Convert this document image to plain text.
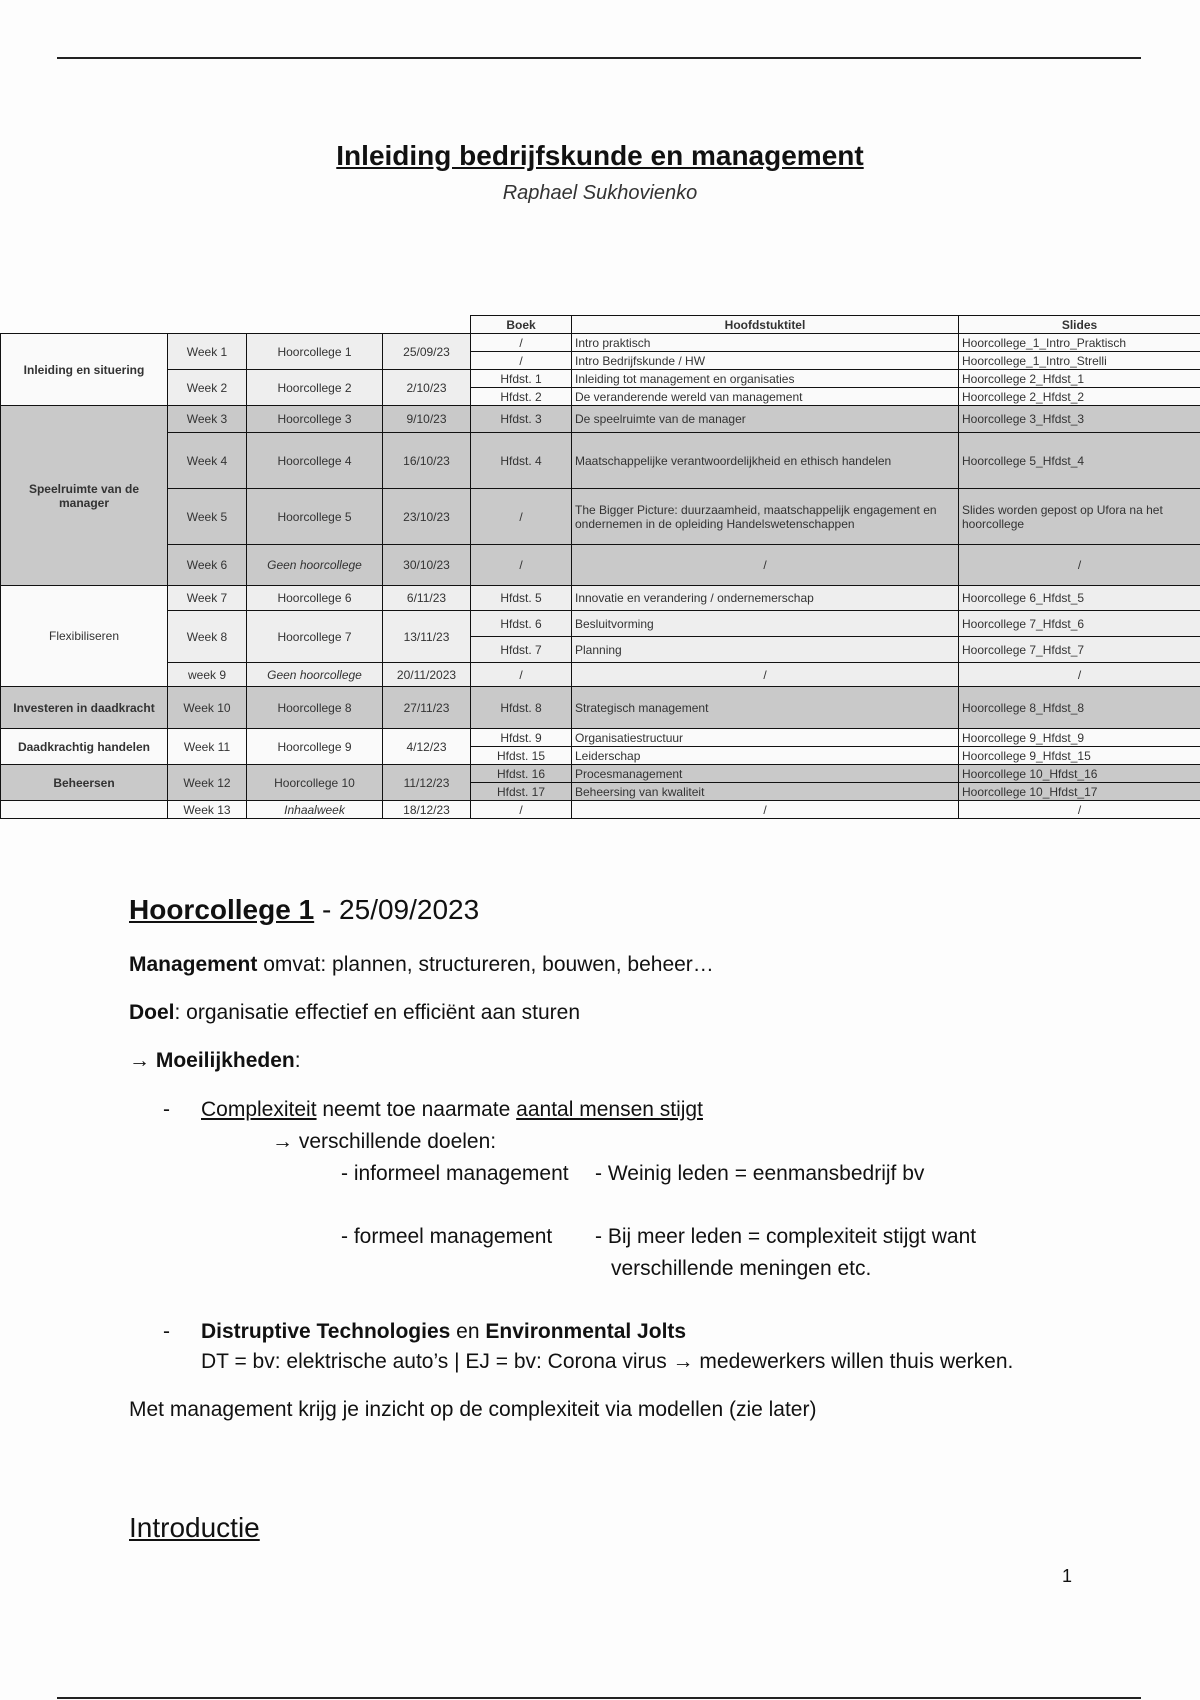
Inleiding bedrijfskunde en management
Raphael Sukhovienko
				Boek	Hoofdstuktitel	Slides
Inleiding en situering	Week 1	Hoorcollege 1	25/09/23	/	Intro praktisch	Hoorcollege_1_Intro_Praktisch
				/	Intro Bedrijfskunde / HW	Hoorcollege_1_Intro_Strelli
	Week 2	Hoorcollege 2	2/10/23	Hfdst. 1	Inleiding tot management en organisaties	Hoorcollege 2_Hfdst_1
				Hfdst. 2	De veranderende wereld van management	Hoorcollege 2_Hfdst_2
Speelruimte van de manager	Week 3	Hoorcollege 3	9/10/23	Hfdst. 3	De speelruimte van de manager	Hoorcollege 3_Hfdst_3
	Week 4	Hoorcollege 4	16/10/23	Hfdst. 4	Maatschappelijke verantwoordelijkheid en ethisch handelen	Hoorcollege 5_Hfdst_4
	Week 5	Hoorcollege 5	23/10/23	/	The Bigger Picture: duurzaamheid, maatschappelijk engagement en ondernemen in de opleiding Handelswetenschappen	Slides worden gepost op Ufora na het hoorcollege
	Week 6	Geen hoorcollege	30/10/23	/	/	/
Flexibiliseren	Week 7	Hoorcollege 6	6/11/23	Hfdst. 5	Innovatie en verandering / ondernemerschap	Hoorcollege 6_Hfdst_5
	Week 8	Hoorcollege 7	13/11/23	Hfdst. 6	Besluitvorming	Hoorcollege 7_Hfdst_6
				Hfdst. 7	Planning	Hoorcollege 7_Hfdst_7
	week 9	Geen hoorcollege	20/11/2023	/	/	/
Investeren in daadkracht	Week 10	Hoorcollege 8	27/11/23	Hfdst. 8	Strategisch management	Hoorcollege 8_Hfdst_8
Daadkrachtig handelen	Week 11	Hoorcollege 9	4/12/23	Hfdst. 9	Organisatiestructuur	Hoorcollege 9_Hfdst_9
				Hfdst. 15	Leiderschap	Hoorcollege 9_Hfdst_15
Beheersen	Week 12	Hoorcollege 10	11/12/23	Hfdst. 16	Procesmanagement	Hoorcollege 10_Hfdst_16
				Hfdst. 17	Beheersing van kwaliteit	Hoorcollege 10_Hfdst_17
	Week 13	Inhaalweek	18/12/23	/	/	/
Hoorcollege 1 - 25/09/2023
Management omvat: plannen, structureren, bouwen, beheer…
Doel: organisatie effectief en efficiënt aan sturen
→ Moeilijkheden:
- Complexiteit neemt toe naarmate aantal mensen stijgt
→ verschillende doelen:
- informeel management - Weinig leden = eenmansbedrijf bv
- formeel management - Bij meer leden = complexiteit stijgt want
verschillende meningen etc.
- Distruptive Technologies en Environmental Jolts
DT = bv: elektrische auto’s | EJ = bv: Corona virus → medewerkers willen thuis werken.
Met management krijg je inzicht op de complexiteit via modellen (zie later)
Introductie
1
